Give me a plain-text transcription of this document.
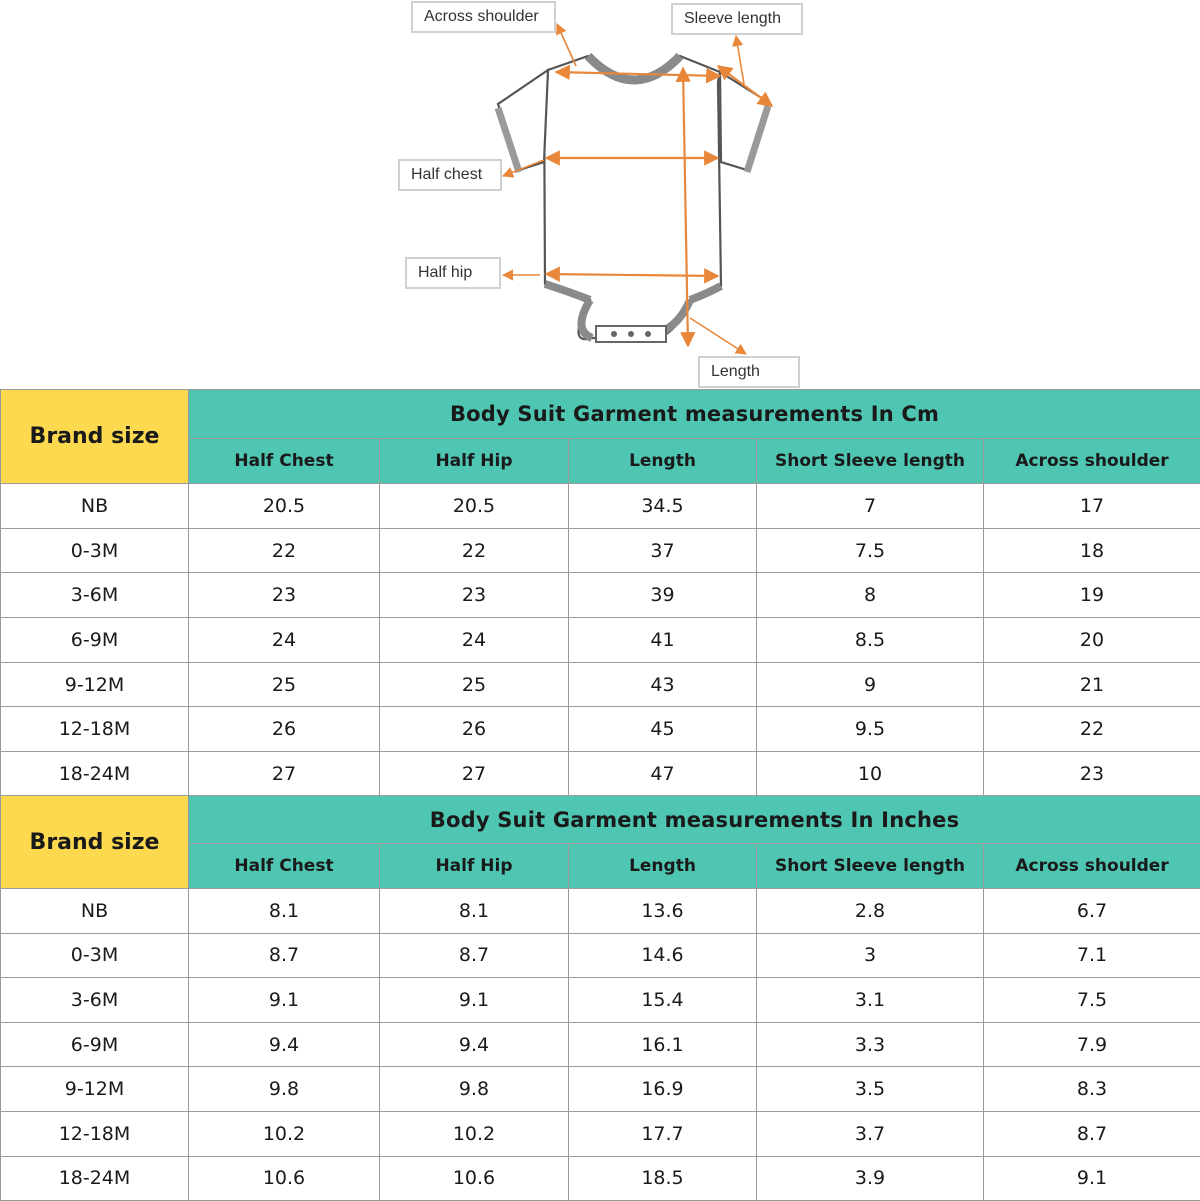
Across shoulder	Sleeve length
Half chest
Half hip
Length
Brand size	Body Suit Garment measurements In Cm				
	Half Chest	Half Hip	Length	Short Sleeve length	Across shoulder
NB	20.5	20.5	34.5	7	17
0-3M	22	22	37	7.5	18
3-6M	23	23	39	8	19
6-9M	24	24	41	8.5	20
9-12M	25	25	43	9	21
12-18M	26	26	45	9.5	22
18-24M	27	27	47	10	23
Brand size	Body Suit Garment measurements In Inches				
	Half Chest	Half Hip	Length	Short Sleeve length	Across shoulder
NB	8.1	8.1	13.6	2.8	6.7
0-3M	8.7	8.7	14.6	3	7.1
3-6M	9.1	9.1	15.4	3.1	7.5
6-9M	9.4	9.4	16.1	3.3	7.9
9-12M	9.8	9.8	16.9	3.5	8.3
12-18M	10.2	10.2	17.7	3.7	8.7
18-24M	10.6	10.6	18.5	3.9	9.1
